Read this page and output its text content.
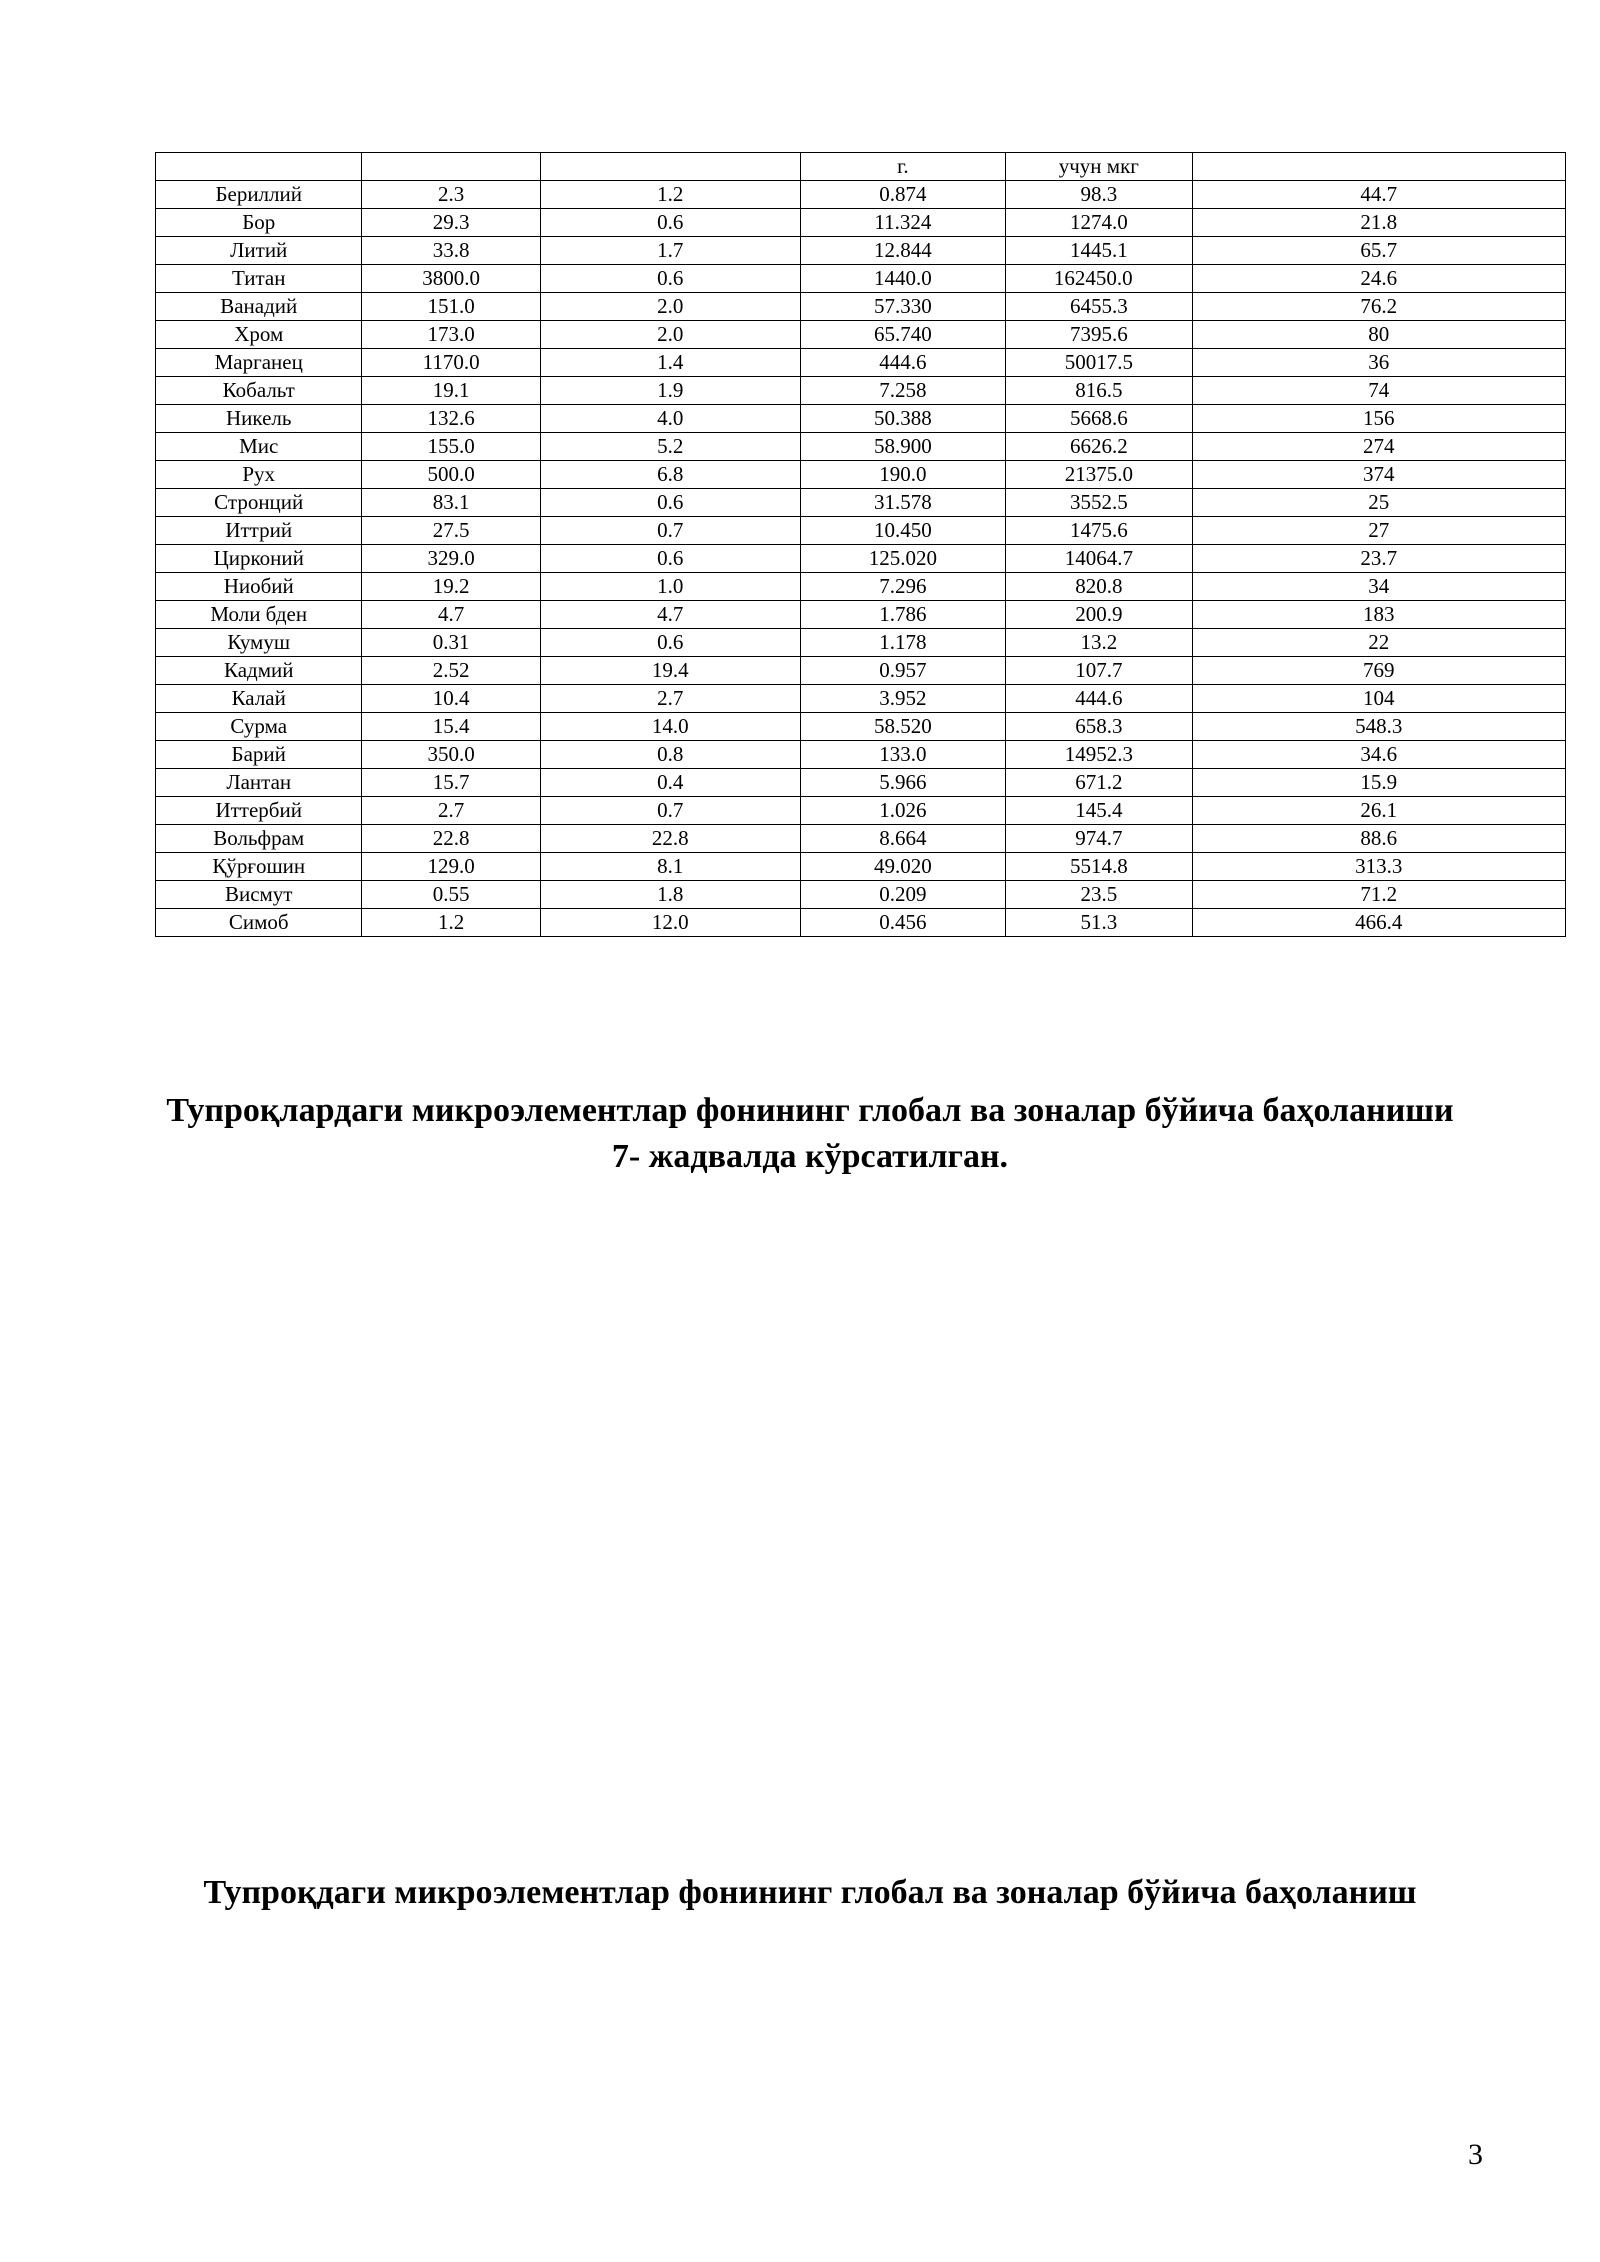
			г.	учун мкг	
Бериллий	2.3	1.2	0.874	98.3	44.7
Бор	29.3	0.6	11.324	1274.0	21.8
Литий	33.8	1.7	12.844	1445.1	65.7
Титан	3800.0	0.6	1440.0	162450.0	24.6
Ванадий	151.0	2.0	57.330	6455.3	76.2
Хром	173.0	2.0	65.740	7395.6	80
Марганец	1170.0	1.4	444.6	50017.5	36
Кобальт	19.1	1.9	7.258	816.5	74
Никель	132.6	4.0	50.388	5668.6	156
Мис	155.0	5.2	58.900	6626.2	274
Рух	500.0	6.8	190.0	21375.0	374
Стронций	83.1	0.6	31.578	3552.5	25
Иттрий	27.5	0.7	10.450	1475.6	27
Цирконий	329.0	0.6	125.020	14064.7	23.7
Ниобий	19.2	1.0	7.296	820.8	34
Моли бден	4.7	4.7	1.786	200.9	183
Кумуш	0.31	0.6	1.178	13.2	22
Кадмий	2.52	19.4	0.957	107.7	769
Калай	10.4	2.7	3.952	444.6	104
Сурма	15.4	14.0	58.520	658.3	548.3
Барий	350.0	0.8	133.0	14952.3	34.6
Лантан	15.7	0.4	5.966	671.2	15.9
Иттербий	2.7	0.7	1.026	145.4	26.1
Вольфрам	22.8	22.8	8.664	974.7	88.6
Қўрғошин	129.0	8.1	49.020	5514.8	313.3
Висмут	0.55	1.8	0.209	23.5	71.2
Симоб	1.2	12.0	0.456	51.3	466.4
Тупроқлардаги микроэлементлар фонининг глобал ва зоналар бўйича баҳоланиши 7- жадвалда кўрсатилган.
Тупроқдаги микроэлементлар фонининг глобал ва зоналар бўйича баҳоланиш
3
